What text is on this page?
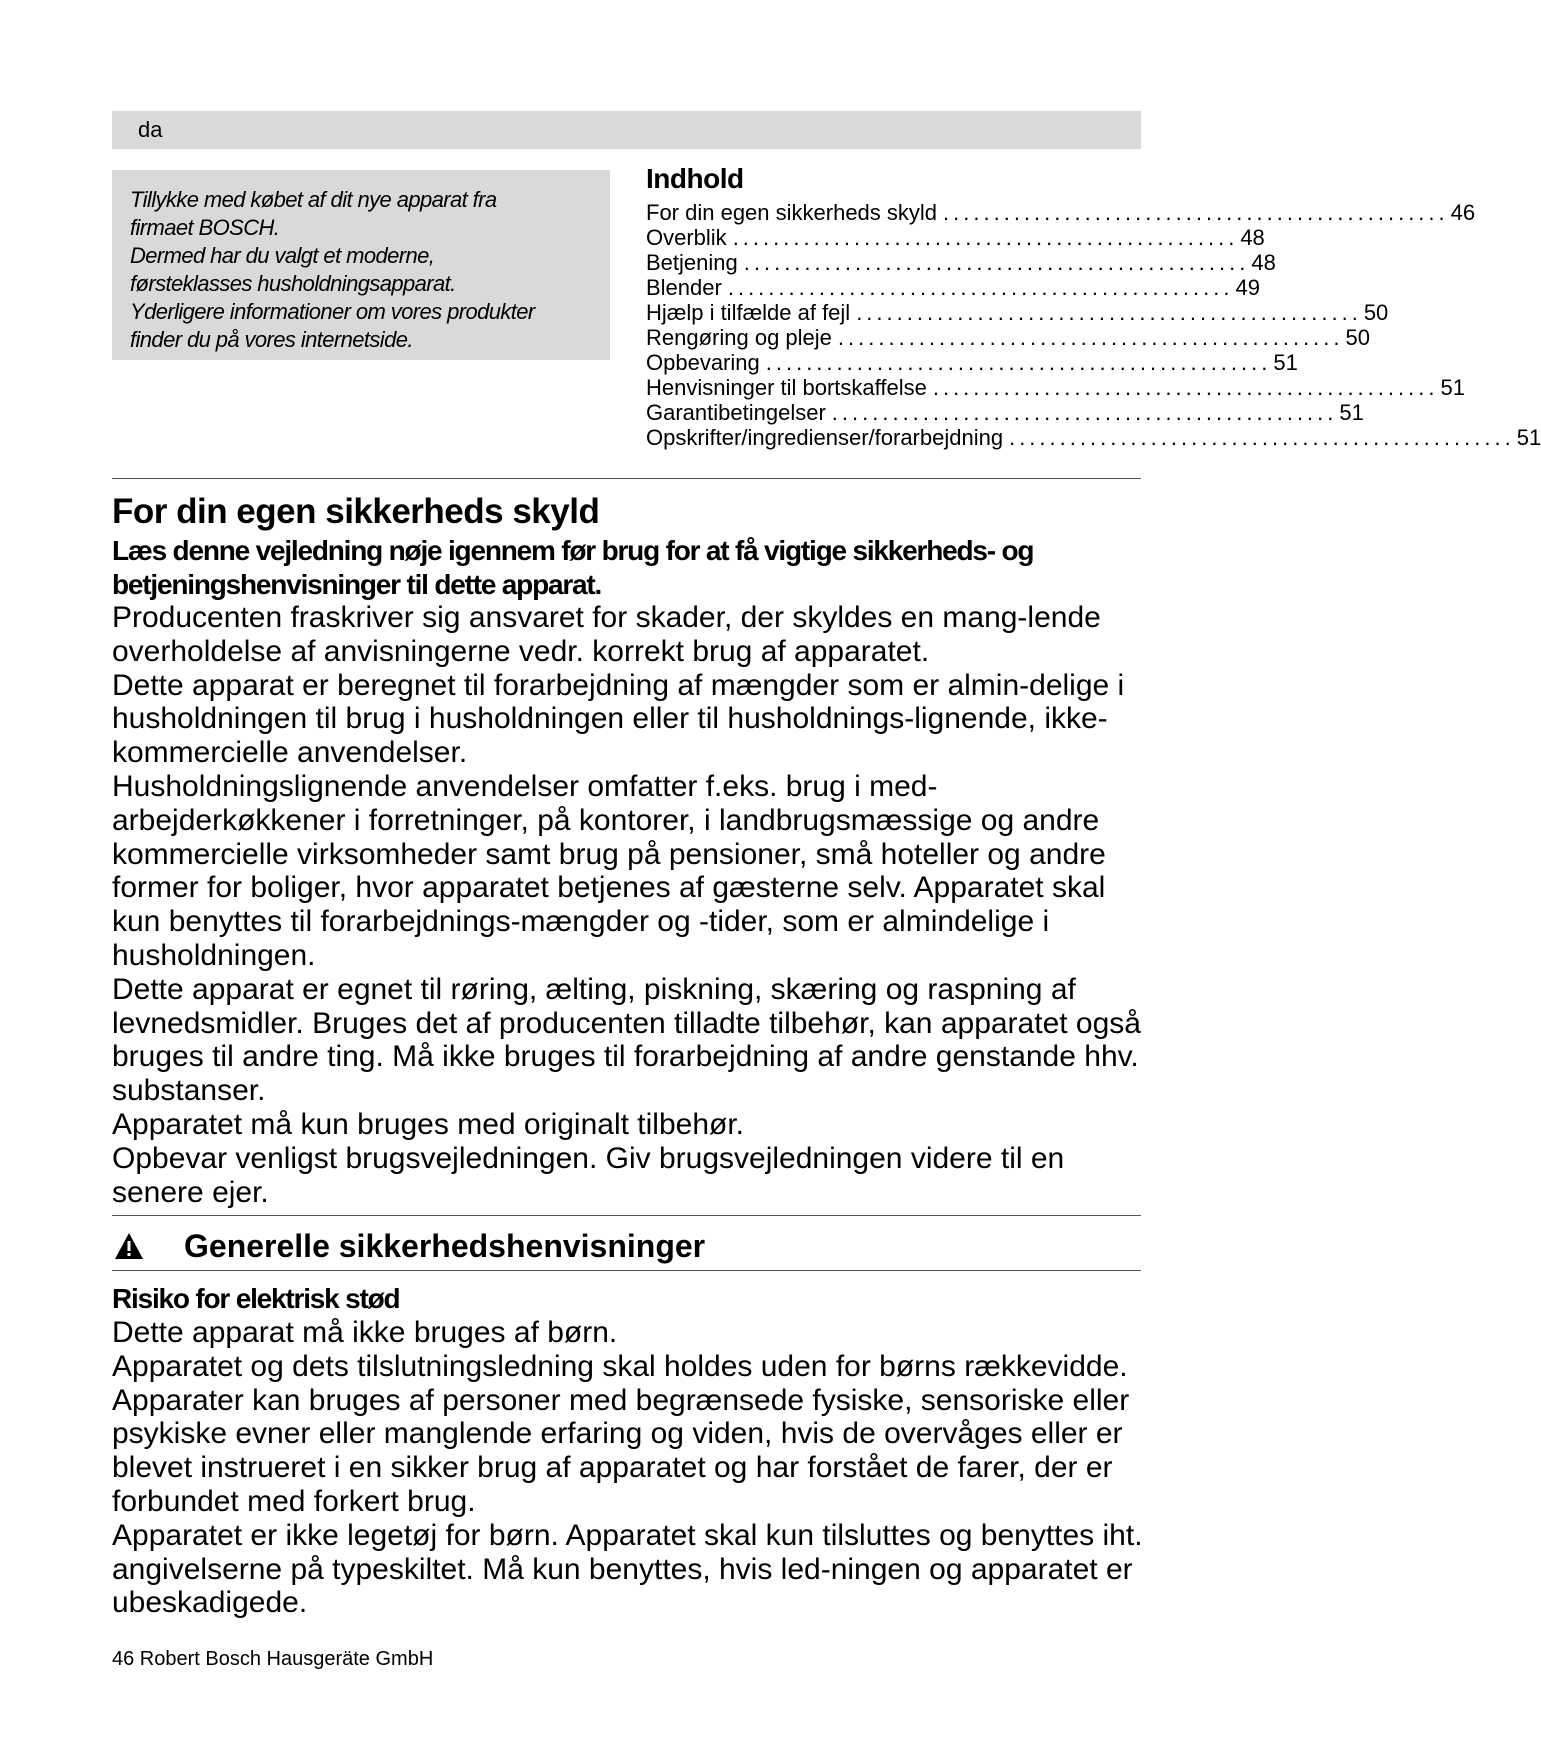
da

Tillykke med købet af dit nye apparat fra

firmaet BOSCH.

Dermed har du valgt et moderne,

førsteklasses husholdningsapparat.

Yderligere informationer om vores produkter

finder du på vores internetside.

Indhold
For din egen sikkerheds skyld .................................................. 46
Overblik .................................................. 48
Betjening .................................................. 48
Blender .................................................. 49
Hjælp i tilfælde af fejl .................................................. 50
Rengøring og pleje .................................................. 50
Opbevaring .................................................. 51
Henvisninger til bortskaffelse .................................................. 51
Garantibetingelser .................................................. 51
Opskrifter/ingredienser/forarbejdning .................................................. 51
For din egen sikkerheds skyld

Læs denne vejledning nøje igennem før brug for at få vigtige sikkerheds- og betjeningshenvisninger til dette apparat.

Producenten fraskriver sig ansvaret for skader, der skyldes en mang-lende overholdelse af anvisningerne vedr. korrekt brug af apparatet.

Dette apparat er beregnet til forarbejdning af mængder som er almin-delige i husholdningen til brug i husholdningen eller til husholdnings-lignende, ikke-kommercielle anvendelser.

Husholdningslignende anvendelser omfatter f.eks. brug i med-arbejderkøkkener i forretninger, på kontorer, i landbrugsmæssige og andre kommercielle virksomheder samt brug på pensioner, små hoteller og andre former for boliger, hvor apparatet betjenes af gæsterne selv. Apparatet skal kun benyttes til forarbejdnings-mængder og -tider, som er almindelige i husholdningen.

Dette apparat er egnet til røring, ælting, piskning, skæring og raspning af levnedsmidler. Bruges det af producenten tilladte tilbehør, kan apparatet også bruges til andre ting. Må ikke bruges til forarbejdning af andre genstande hhv. substanser.

Apparatet må kun bruges med originalt tilbehør.

Opbevar venligst brugsvejledningen. Giv brugsvejledningen videre til en senere ejer.

Generelle sikkerhedshenvisninger
Risiko for elektrisk stød

Dette apparat må ikke bruges af børn.

Apparatet og dets tilslutningsledning skal holdes uden for børns rækkevidde. Apparater kan bruges af personer med begrænsede fysiske, sensoriske eller psykiske evner eller manglende erfaring og viden, hvis de overvåges eller er blevet instrueret i en sikker brug af apparatet og har forstået de farer, der er forbundet med forkert brug.

Apparatet er ikke legetøj for børn. Apparatet skal kun tilsluttes og benyttes iht. angivelserne på typeskiltet. Må kun benyttes, hvis led-ningen og apparatet er ubeskadigede.

46 Robert Bosch Hausgeräte GmbH
